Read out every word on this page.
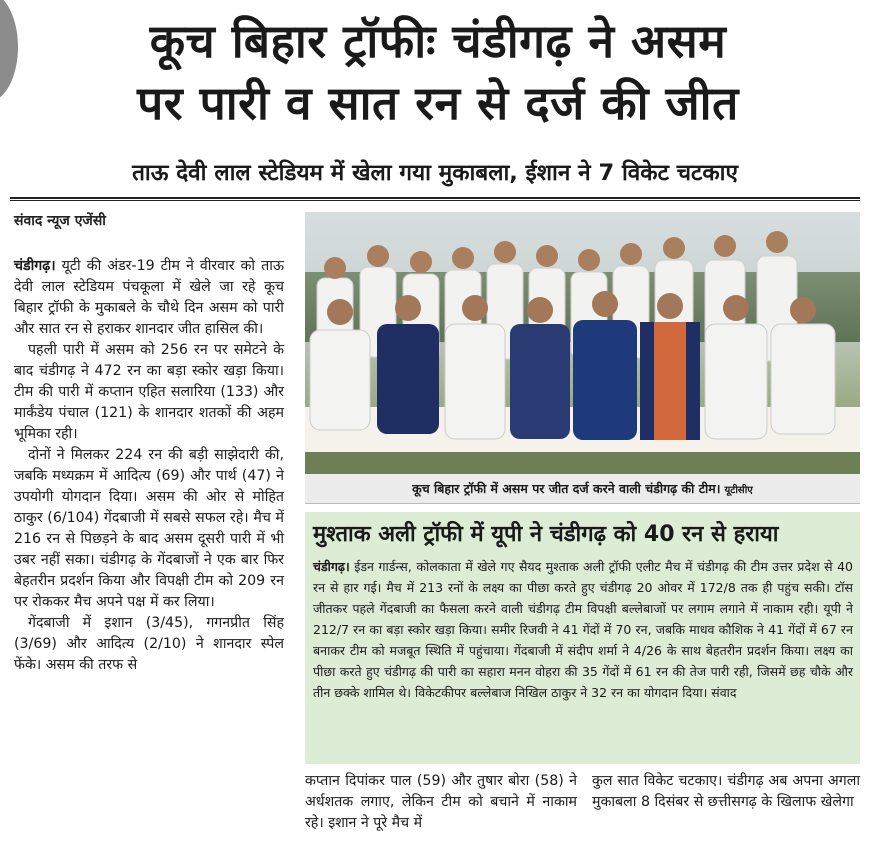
कूच बिहार ट्रॉफीः चंडीगढ़ ने असम
पर पारी व सात रन से दर्ज की जीत
ताऊ देवी लाल स्टेडियम में खेला गया मुकाबला, ईशान ने 7 विकेट चटकाए
संवाद न्यूज एजेंसी

चंडीगढ़। यूटी की अंडर-19 टीम ने वीरवार को ताऊ देवी लाल स्टेडियम पंचकूला में खेले जा रहे कूच बिहार ट्रॉफी के मुकाबले के चौथे दिन असम को पारी और सात रन से हराकर शानदार जीत हासिल की।

पहली पारी में असम को 256 रन पर समेटने के बाद चंडीगढ़ ने 472 रन का बड़ा स्कोर खड़ा किया। टीम की पारी में कप्तान एहित सलारिया (133) और मार्कंडेय पंचाल (121) के शानदार शतकों की अहम भूमिका रही।

दोनों ने मिलकर 224 रन की बड़ी साझेदारी की, जबकि मध्यक्रम में आदित्य (69) और पार्थ (47) ने उपयोगी योगदान दिया। असम की ओर से मोहित ठाकुर (6/104) गेंदबाजी में सबसे सफल रहे। मैच में 216 रन से पिछड़ने के बाद असम दूसरी पारी में भी उबर नहीं सका। चंडीगढ़ के गेंदबाजों ने एक बार फिर बेहतरीन प्रदर्शन किया और विपक्षी टीम को 209 रन पर रोककर मैच अपने पक्ष में कर लिया।

गेंदबाजी में इशान (3/45), गगनप्रीत सिंह (3/69) और आदित्य (2/10) ने शानदार स्पेल फेंके। असम की तरफ से

कूच बिहार ट्रॉफी में असम पर जीत दर्ज करने वाली चंडीगढ़ की टीम। यूटीसीए
मुश्ताक अली ट्रॉफी में यूपी ने चंडीगढ़ को 40 रन से हराया
चंडीगढ़। ईडन गार्डन्स, कोलकाता में खेले गए सैयद मुश्ताक अली ट्रॉफी एलीट मैच में चंडीगढ़ की टीम उत्तर प्रदेश से 40 रन से हार गई। मैच में 213 रनों के लक्ष्य का पीछा करते हुए चंडीगढ़ 20 ओवर में 172/8 तक ही पहुंच सकी। टॉस जीतकर पहले गेंदबाजी का फैसला करने वाली चंडीगढ़ टीम विपक्षी बल्लेबाजों पर लगाम लगाने में नाकाम रही। यूपी ने 212/7 रन का बड़ा स्कोर खड़ा किया। समीर रिजवी ने 41 गेंदों में 70 रन, जबकि माधव कौशिक ने 41 गेंदों में 67 रन बनाकर टीम को मजबूत स्थिति में पहुंचाया। गेंदबाजी में संदीप शर्मा ने 4/26 के साथ बेहतरीन प्रदर्शन किया। लक्ष्य का पीछा करते हुए चंडीगढ़ की पारी का सहारा मनन वोहरा की 35 गेंदों में 61 रन की तेज पारी रही, जिसमें छह चौके और तीन छक्के शामिल थे। विकेटकीपर बल्लेबाज निखिल ठाकुर ने 32 रन का योगदान दिया। संवाद

कप्तान दिपांकर पाल (59) और तुषार बोरा (58) ने अर्धशतक लगाए, लेकिन टीम को बचाने में नाकाम रहे। इशान ने पूरे मैच में

कुल सात विकेट चटकाए। चंडीगढ़ अब अपना अगला मुकाबला 8 दिसंबर से छत्तीसगढ़ के खिलाफ खेलेगा
